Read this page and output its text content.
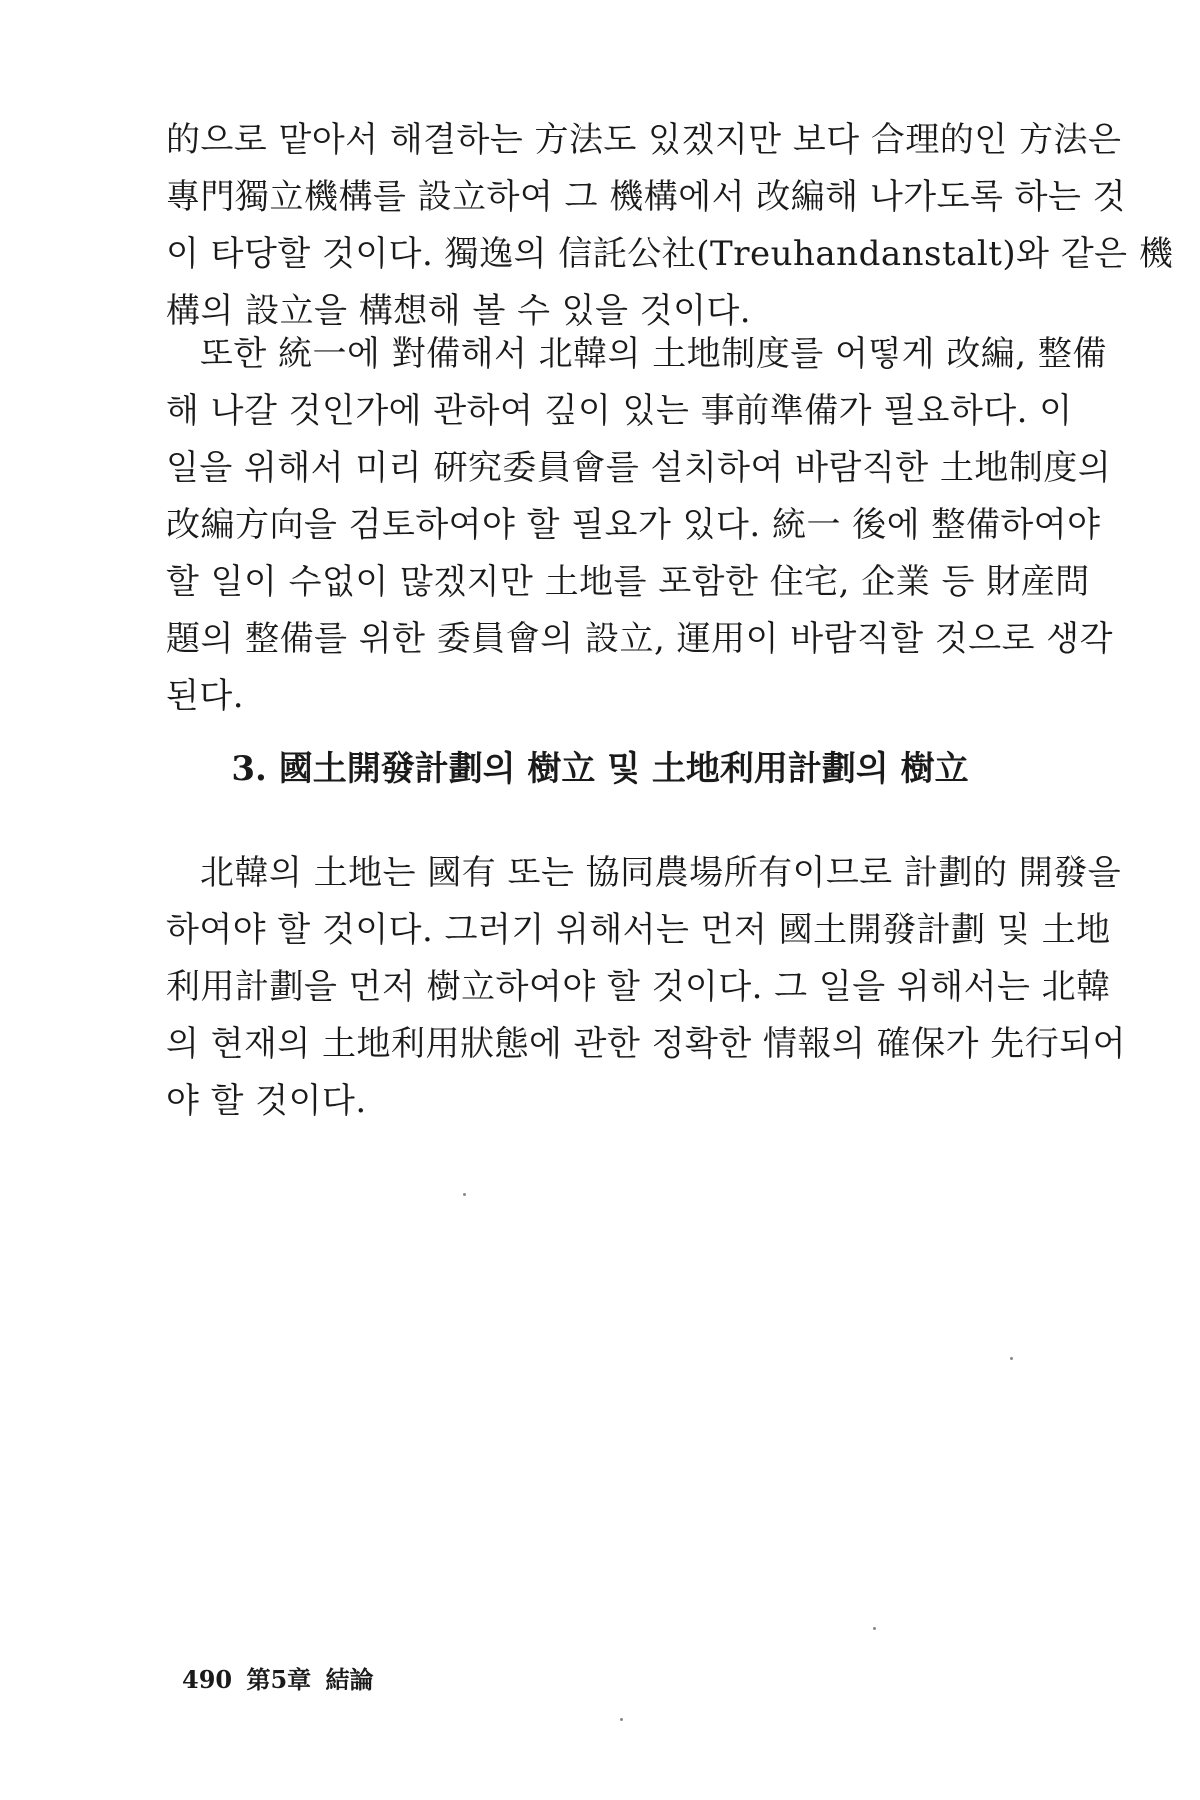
的으로 맡아서 해결하는 方法도 있겠지만 보다 合理的인 方法은
專門獨立機構를 設立하여 그 機構에서 改編해 나가도록 하는 것
이 타당할 것이다. 獨逸의 信託公社(Treuhandanstalt)와 같은 機
構의 設立을 構想해 볼 수 있을 것이다.
또한 統一에 對備해서 北韓의 土地制度를 어떻게 改編, 整備
해 나갈 것인가에 관하여 깊이 있는 事前準備가 필요하다. 이
일을 위해서 미리 硏究委員會를 설치하여 바람직한 土地制度의
改編方向을 검토하여야 할 필요가 있다. 統一 後에 整備하여야
할 일이 수없이 많겠지만 土地를 포함한 住宅, 企業 등 財産問
題의 整備를 위한 委員會의 設立, 運用이 바람직할 것으로 생각
된다.
3. 國土開發計劃의 樹立 및 土地利用計劃의 樹立
北韓의 土地는 國有 또는 協同農場所有이므로 計劃的 開發을
하여야 할 것이다. 그러기 위해서는 먼저 國土開發計劃 및 土地
利用計劃을 먼저 樹立하여야 할 것이다. 그 일을 위해서는 北韓
의 현재의 土地利用狀態에 관한 정확한 情報의 確保가 先行되어
야 할 것이다.
490 第5章 結論
